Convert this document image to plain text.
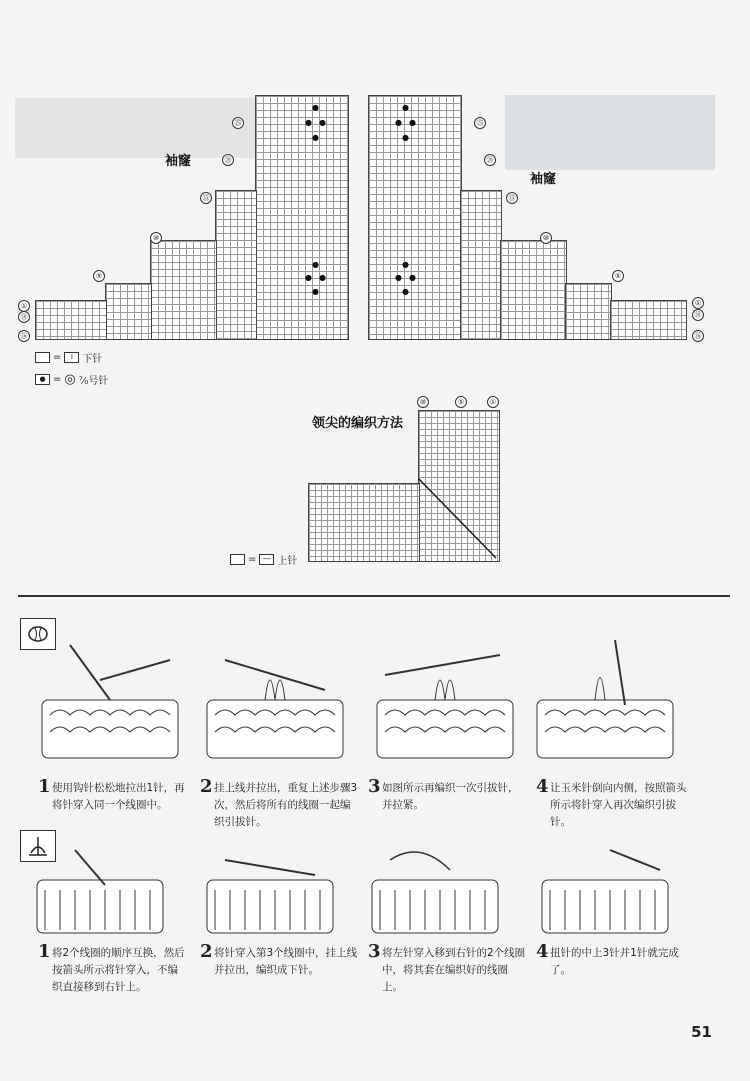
●
● ●
●
●
● ●
●
袖窿
㉕
⑳
⑮
⑩
⑤
①
⑱
⑯
●
● ●
●
●
● ●
●
袖窿
㉕
⑳
⑮
⑩
⑤
①
⑱
⑯
=	I 下针
● = ◎ ⁷⁄₀号针
领尖的编织方法
⑩	⑤	①
= — 上针
1 使用钩针松松地拉出1针，再将针穿入同一个线圈中。
2 挂上线并拉出，重复上述步骤3次，然后将所有的线圈一起编织引拔针。
3 如图所示再编织一次引拔针，并拉紧。
4 让玉米针倒向内侧，按照箭头所示将针穿入再次编织引拔针。
1 将2个线圈的顺序互换，然后按箭头所示将针穿入，不编织直接移到右针上。
2 将针穿入第3个线圈中，挂上线并拉出，编织成下针。
3 将左针穿入移到右针的2个线圈中，将其套在编织好的线圈上。
4 扭针的中上3针并1针就完成了。
51
